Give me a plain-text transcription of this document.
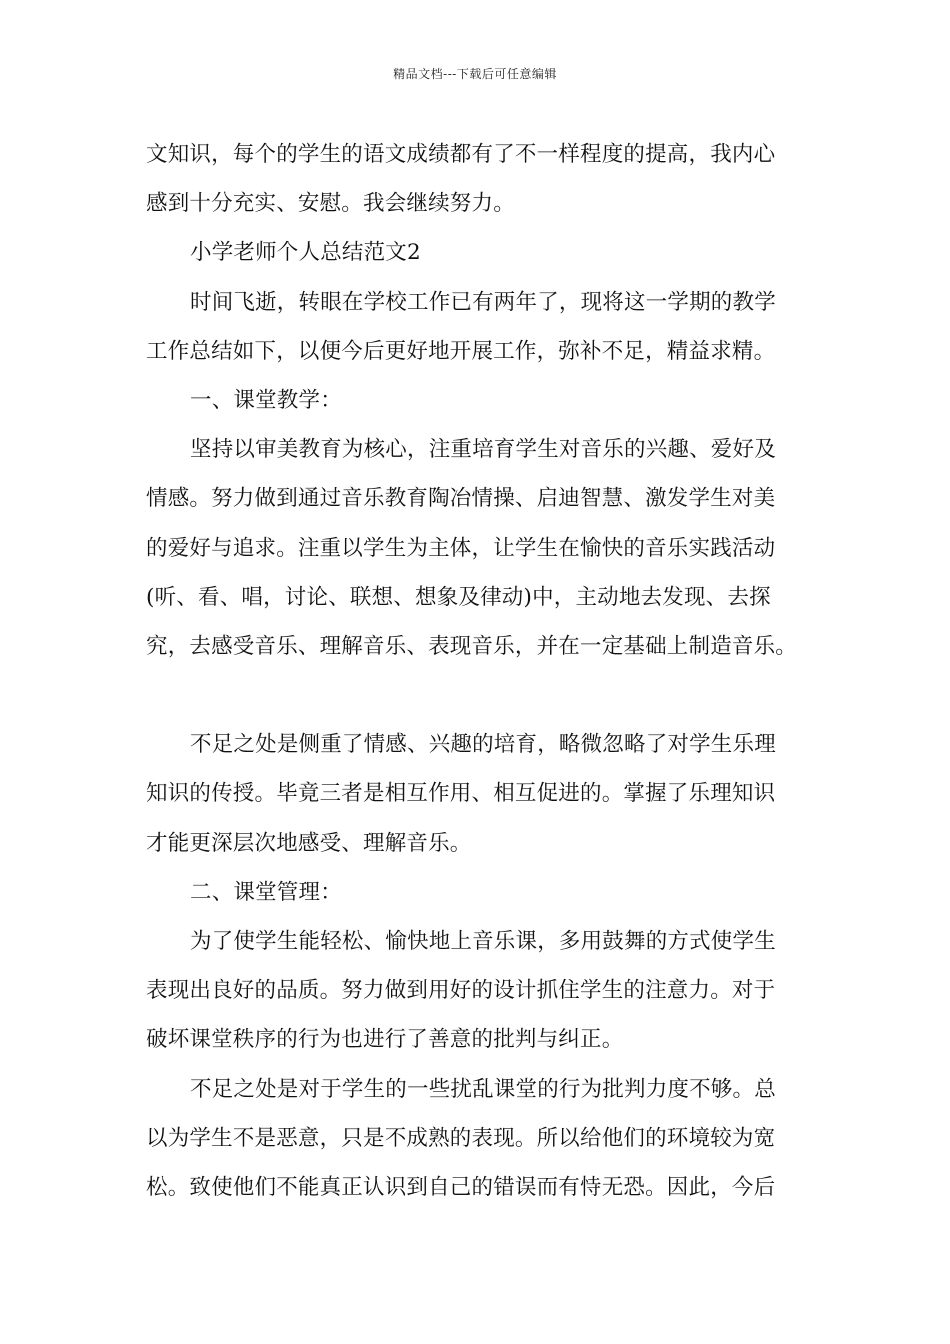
精品文档---下载后可任意编辑
文知识，每个的学生的语文成绩都有了不一样程度的提高，我内心
感到十分充实、安慰。我会继续努力。
小学老师个人总结范文2
时间飞逝，转眼在学校工作已有两年了，现将这一学期的教学
工作总结如下，以便今后更好地开展工作，弥补不足，精益求精。
一、课堂教学：
坚持以审美教育为核心，注重培育学生对音乐的兴趣、爱好及
情感。努力做到通过音乐教育陶冶情操、启迪智慧、激发学生对美
的爱好与追求。注重以学生为主体，让学生在愉快的音乐实践活动
(听、看、唱，讨论、联想、想象及律动)中，主动地去发现、去探
究，去感受音乐、理解音乐、表现音乐，并在一定基础上制造音乐。
不足之处是侧重了情感、兴趣的培育，略微忽略了对学生乐理
知识的传授。毕竟三者是相互作用、相互促进的。掌握了乐理知识
才能更深层次地感受、理解音乐。
二、课堂管理：
为了使学生能轻松、愉快地上音乐课，多用鼓舞的方式使学生
表现出良好的品质。努力做到用好的设计抓住学生的注意力。对于
破坏课堂秩序的行为也进行了善意的批判与纠正。
不足之处是对于学生的一些扰乱课堂的行为批判力度不够。总
以为学生不是恶意，只是不成熟的表现。所以给他们的环境较为宽
松。致使他们不能真正认识到自己的错误而有恃无恐。因此，今后
